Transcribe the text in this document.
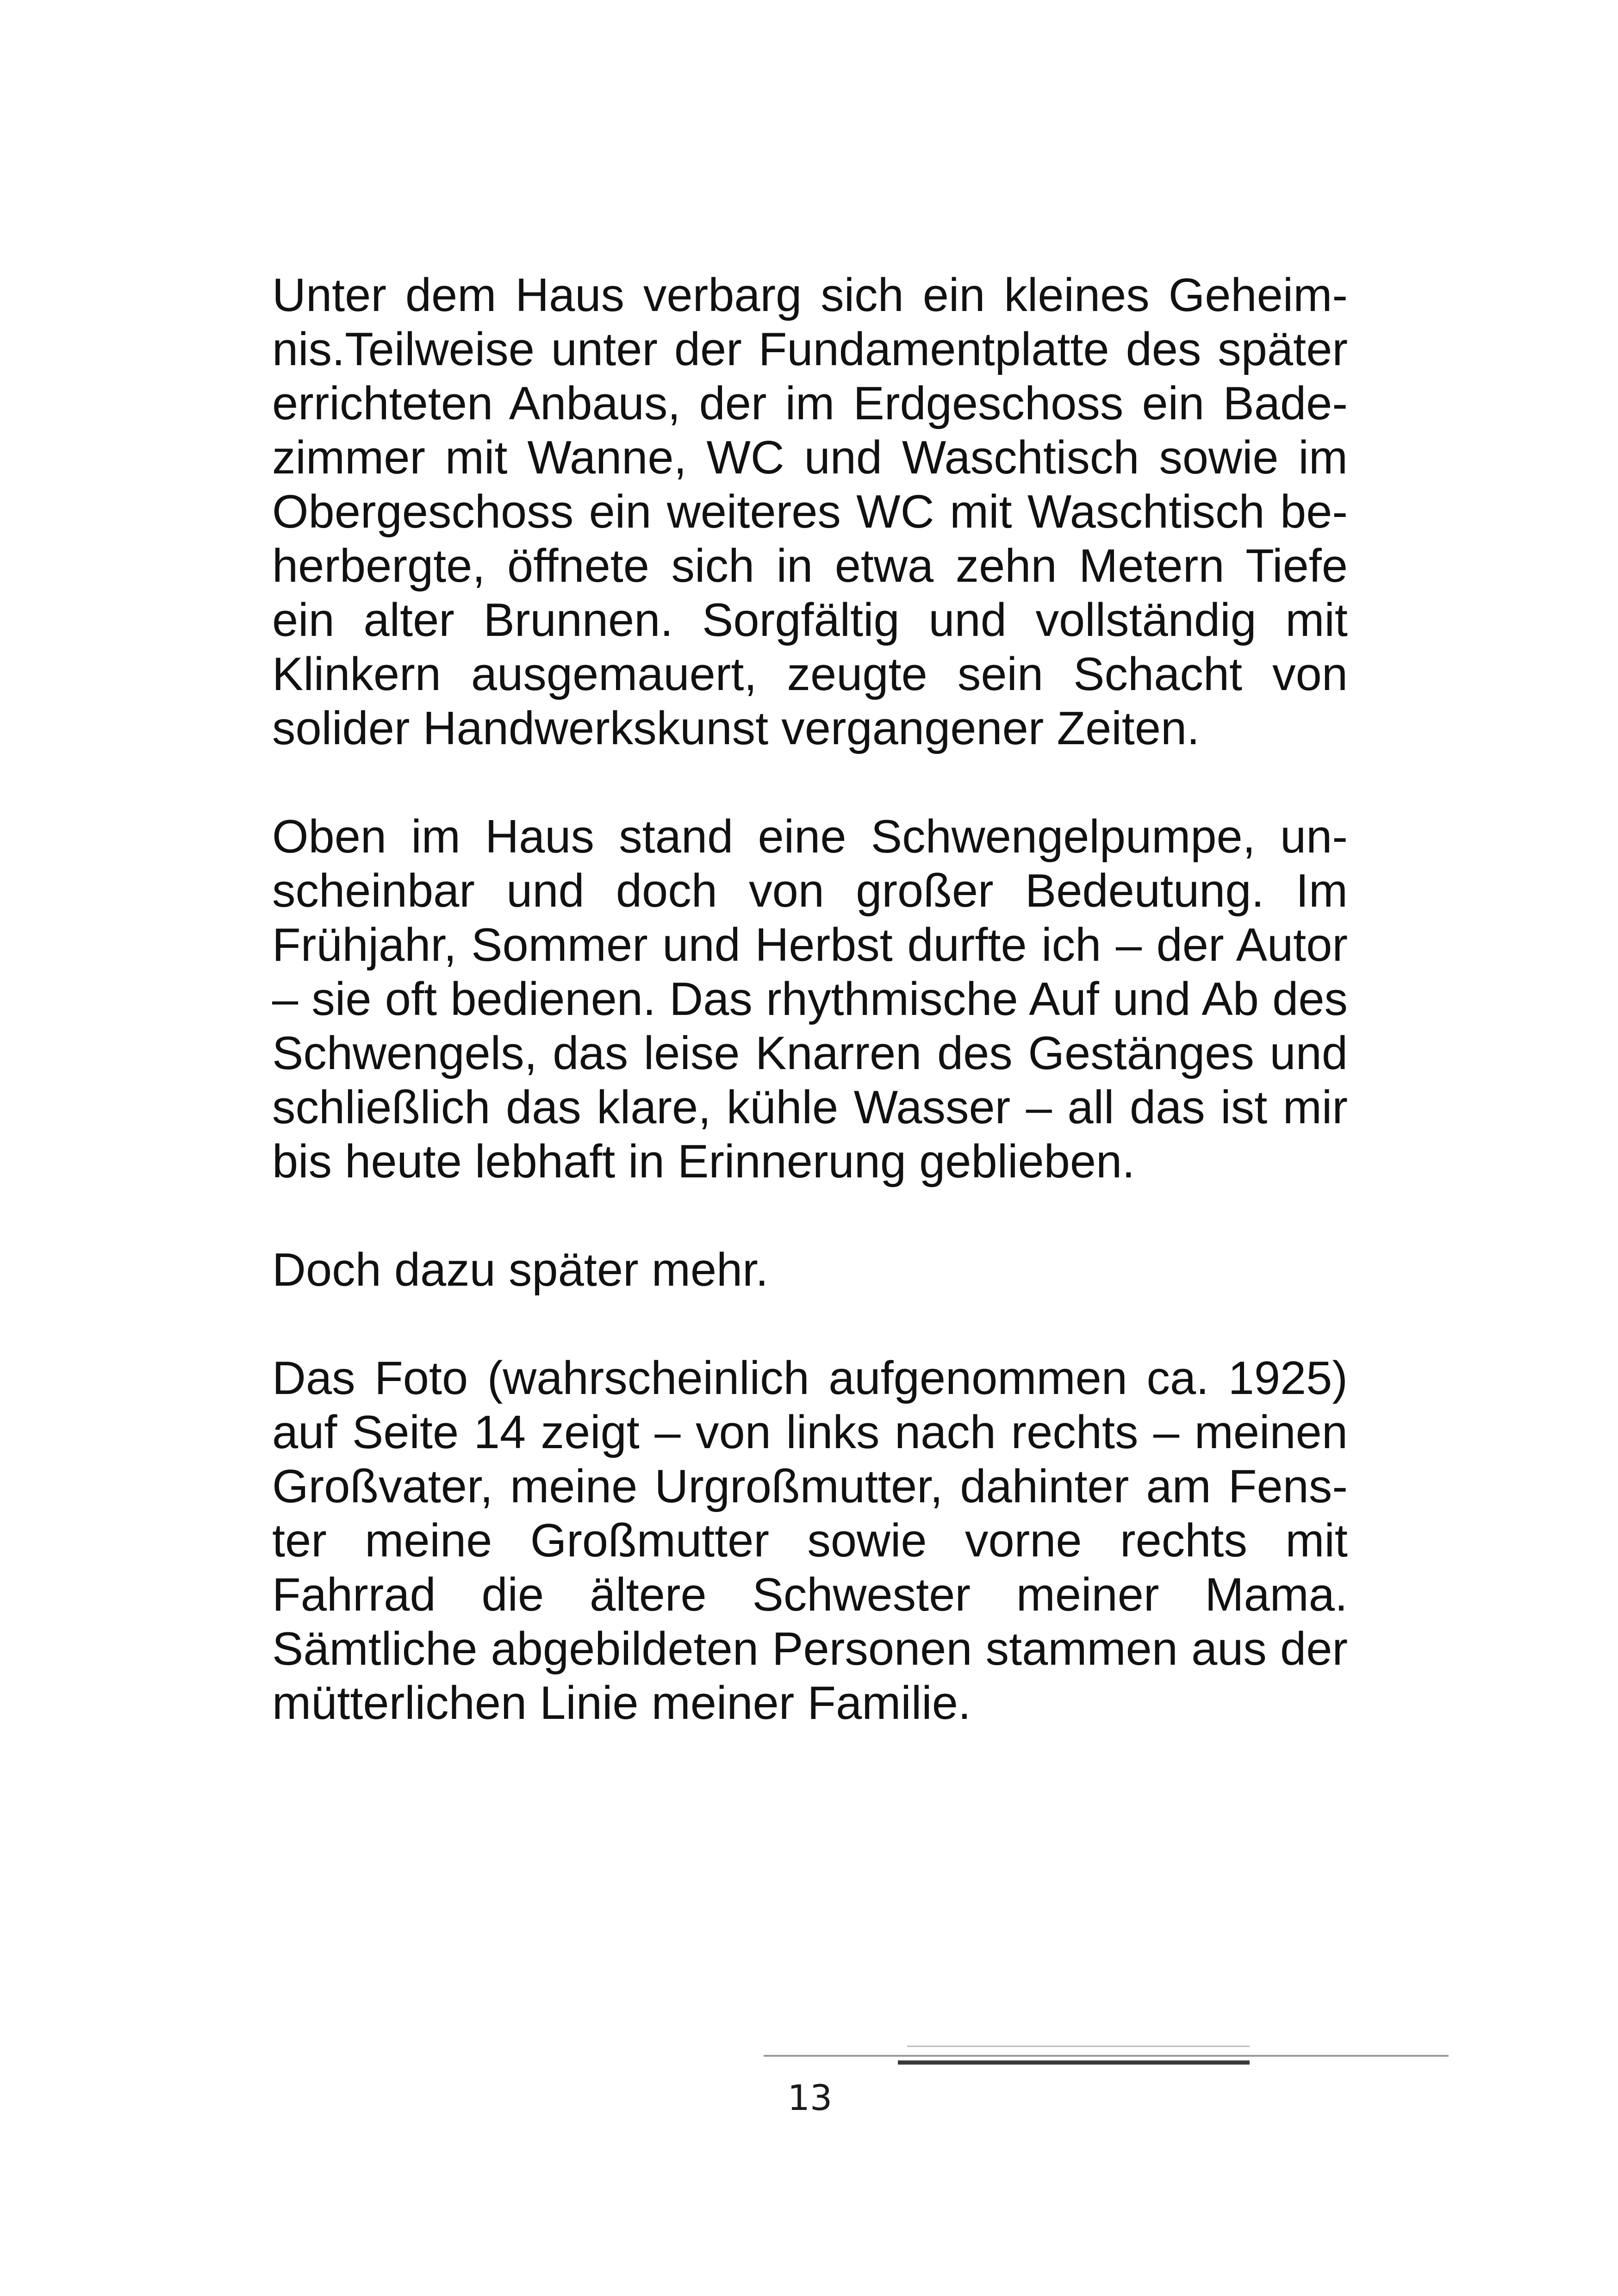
Unter dem Haus verbarg sich ein kleines Geheimnis.Teilweise unter der Fundamentplatte des später errichteten Anbaus, der im Erdgeschoss ein Badezimmer mit Wanne, WC und Waschtisch sowie im Obergeschoss ein weiteres WC mit Waschtisch beherbergte, öffnete sich in etwa zehn Metern Tiefe ein alter Brunnen. Sorgfältig und vollständig mit Klinkern ausgemauert, zeugte sein Schacht von solider Handwerkskunst vergangener Zeiten.

Oben im Haus stand eine Schwengelpumpe, unscheinbar und doch von großer Bedeutung. Im Frühjahr, Sommer und Herbst durfte ich – der Autor – sie oft bedienen. Das rhythmische Auf und Ab des Schwengels, das leise Knarren des Gestänges und schließlich das klare, kühle Wasser – all das ist mir bis heute lebhaft in Erinnerung geblieben.

Doch dazu später mehr.

Das Foto (wahrscheinlich aufgenommen ca. 1925) auf Seite 14 zeigt – von links nach rechts – meinen Großvater, meine Urgroßmutter, dahinter am Fenster meine Großmutter sowie vorne rechts mit Fahrrad die ältere Schwester meiner Mama. Sämtliche abgebildeten Personen stammen aus der mütterlichen Linie meiner Familie.

13
